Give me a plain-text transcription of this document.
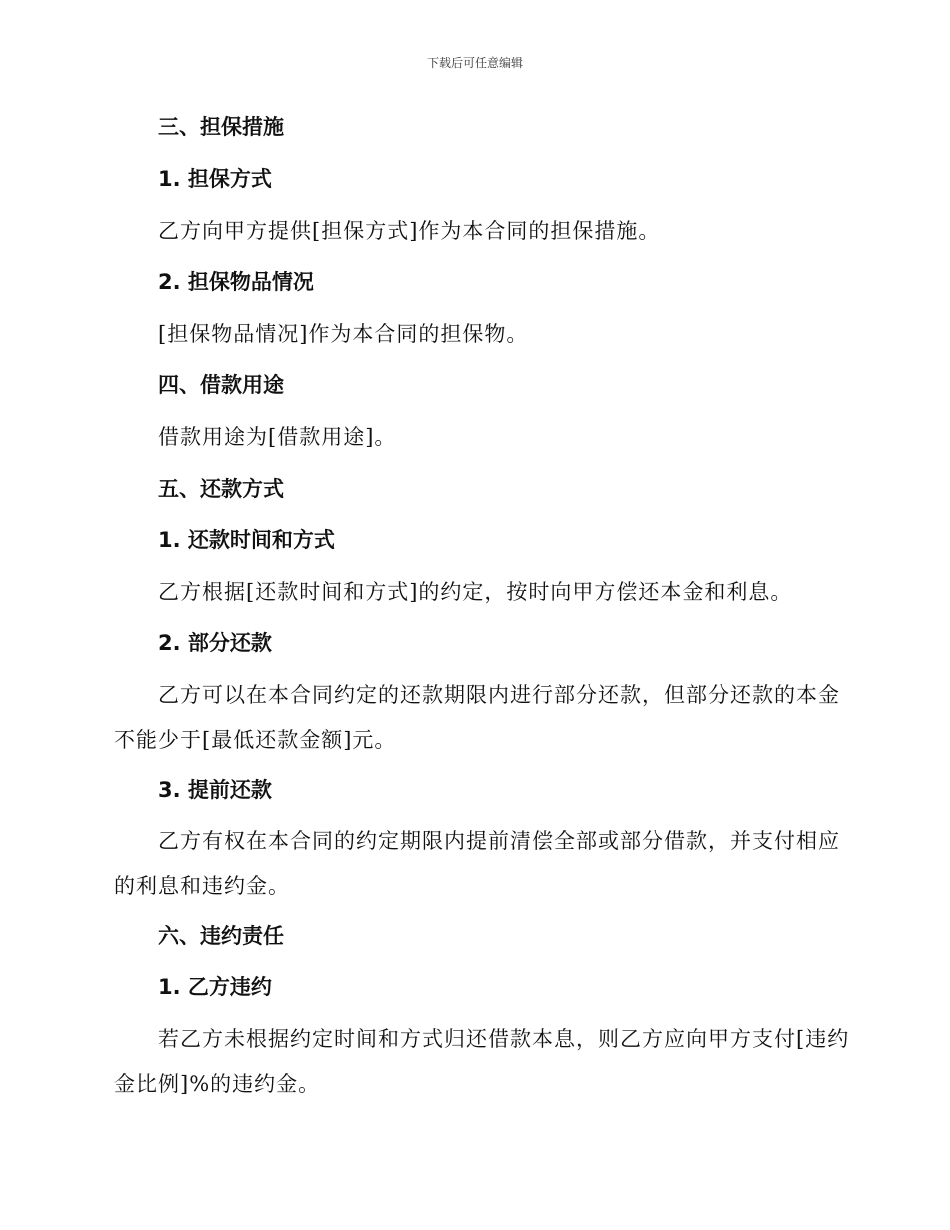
下载后可任意编辑
三、担保措施
1. 担保方式
乙方向甲方提供[担保方式]作为本合同的担保措施。
2. 担保物品情况
[担保物品情况]作为本合同的担保物。
四、借款用途
借款用途为[借款用途]。
五、还款方式
1. 还款时间和方式
乙方根据[还款时间和方式]的约定，按时向甲方偿还本金和利息。
2. 部分还款
乙方可以在本合同约定的还款期限内进行部分还款，但部分还款的本金
不能少于[最低还款金额]元。
3. 提前还款
乙方有权在本合同的约定期限内提前清偿全部或部分借款，并支付相应
的利息和违约金。
六、违约责任
1. 乙方违约
若乙方未根据约定时间和方式归还借款本息，则乙方应向甲方支付[违约
金比例]%的违约金。
